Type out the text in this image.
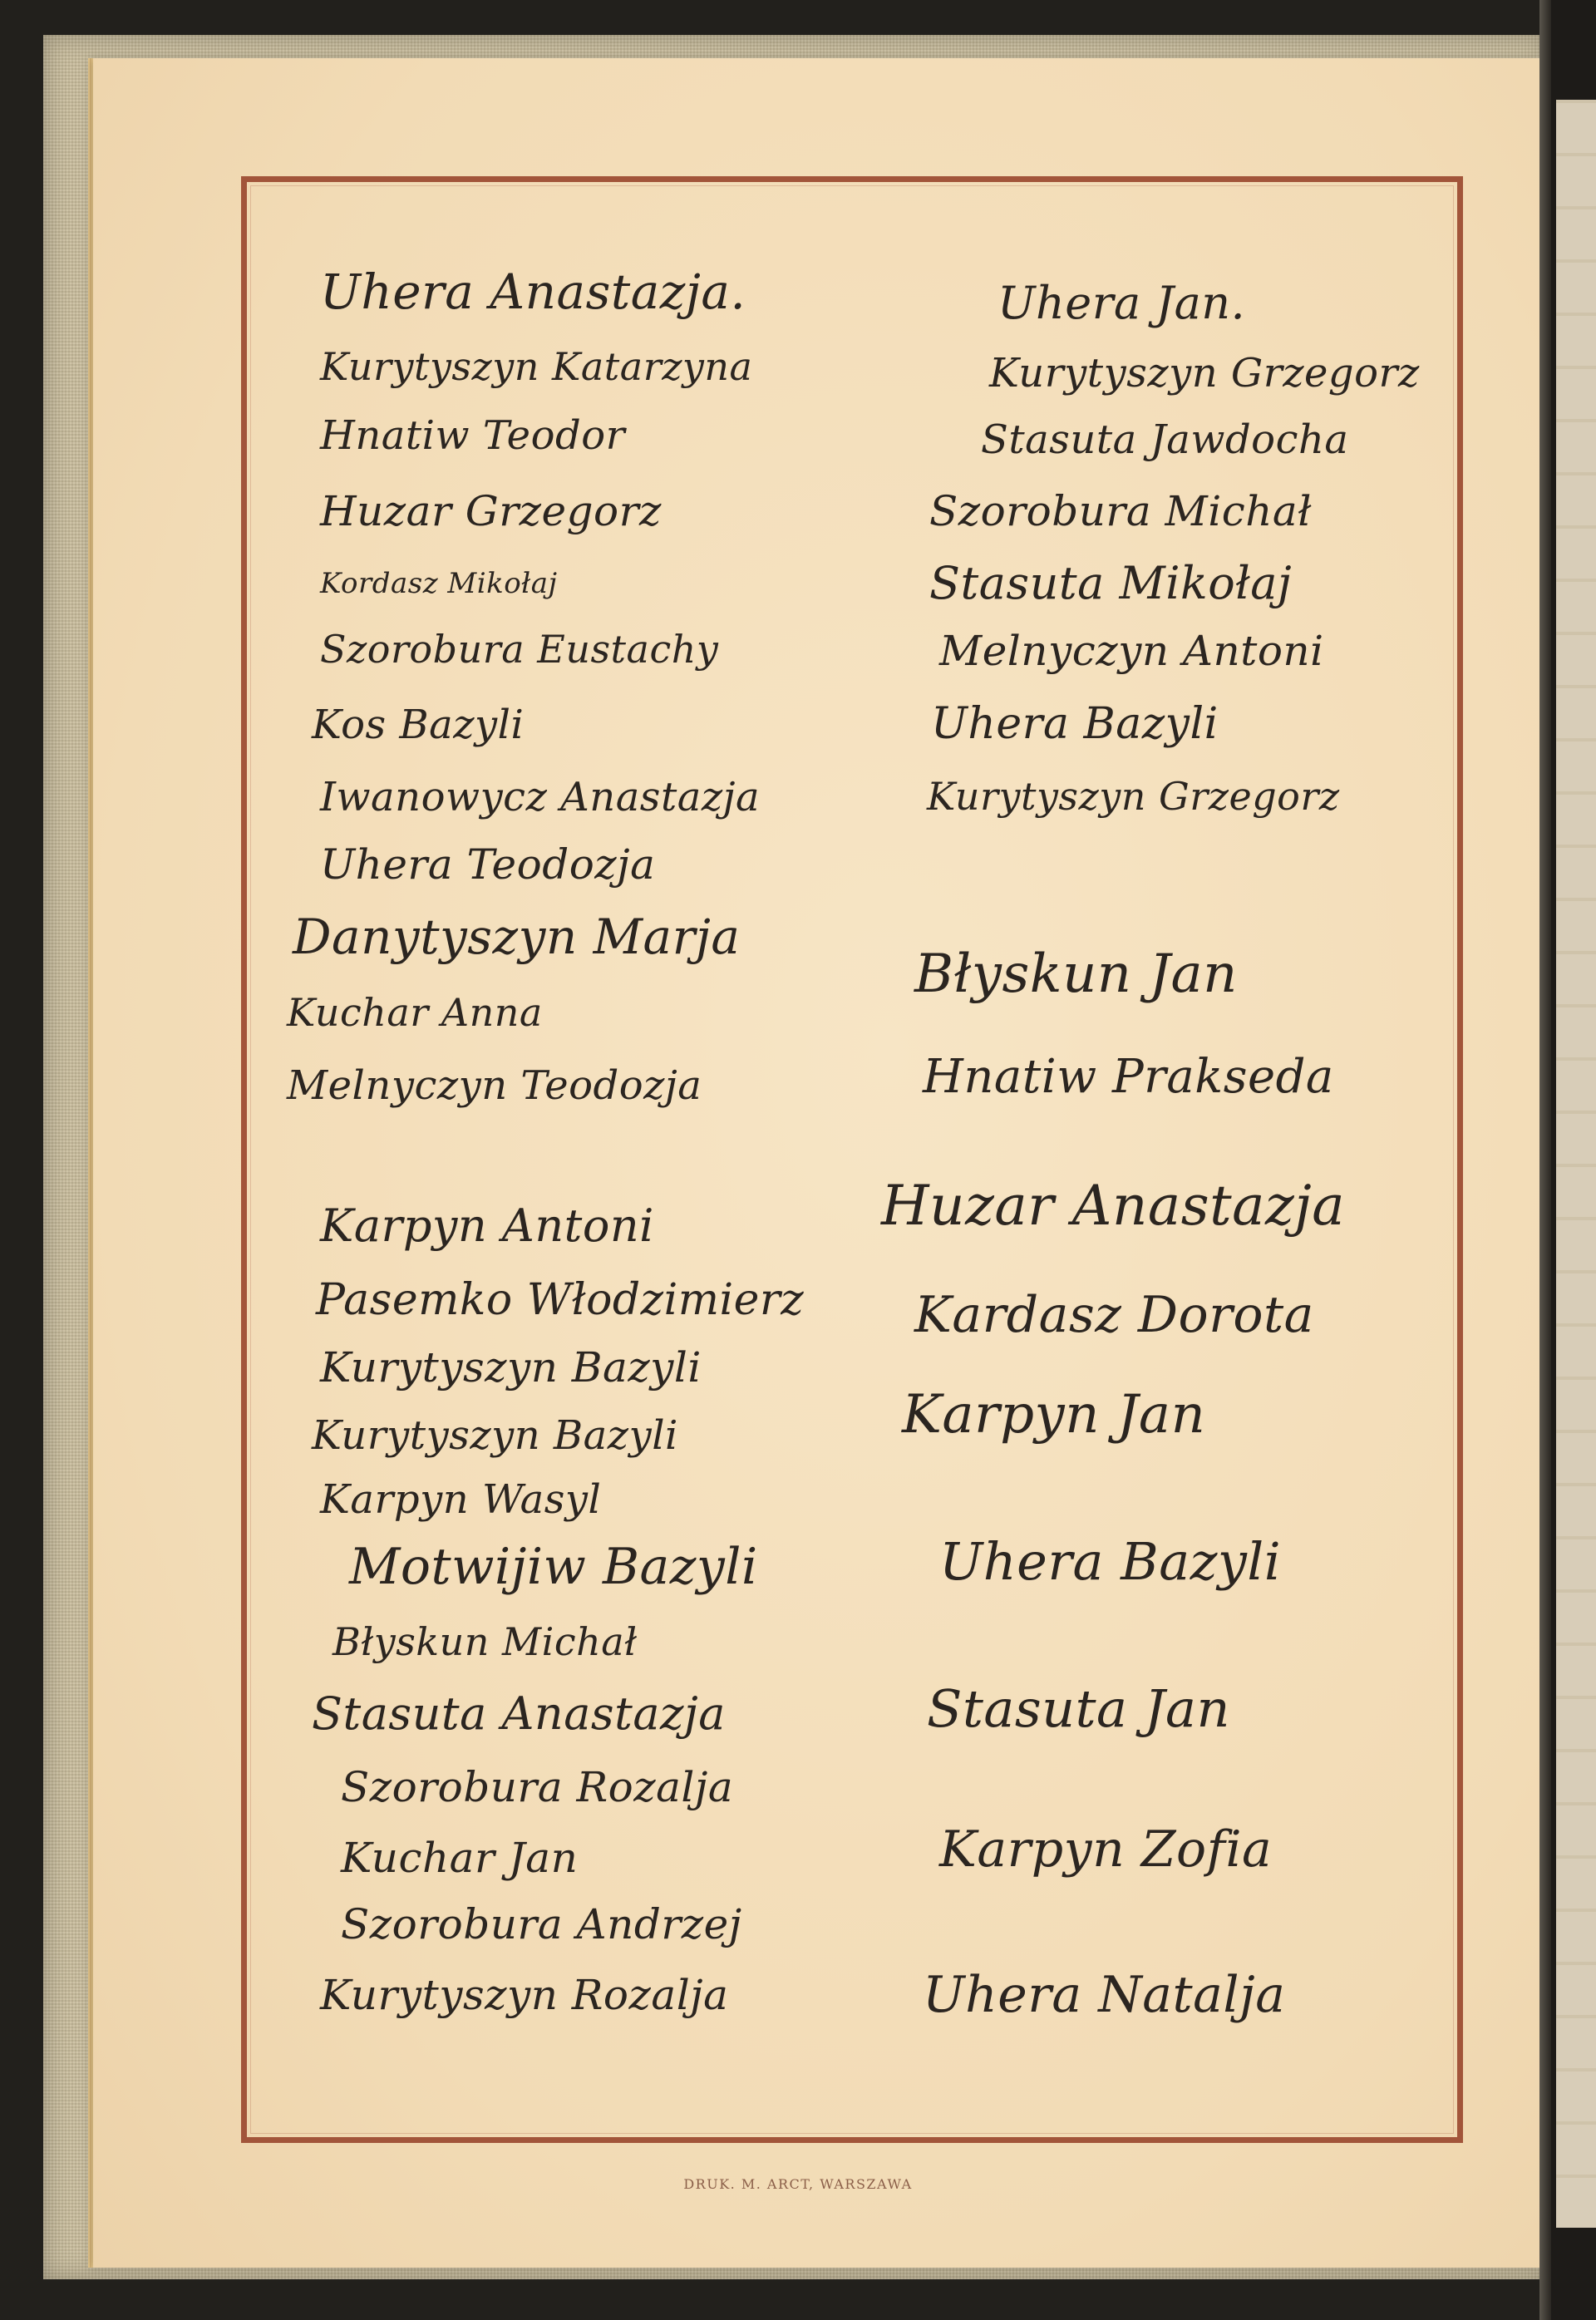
Uhera Anastazja.

Kurytyszyn Katarzyna

Hnatiw Teodor

Huzar Grzegorz

Kordasz Mikołaj

Szorobura Eustachy

Kos Bazyli

Iwanowycz Anastazja

Uhera Teodozja

Danytyszyn Marja

Kuchar Anna

Melnyczyn Teodozja

Karpyn Antoni

Pasemko Włodzimierz

Kurytyszyn Bazyli

Kurytyszyn Bazyli

Karpyn Wasyl

Motwijiw Bazyli

Błyskun Michał

Stasuta Anastazja

Szorobura Rozalja

Kuchar Jan

Szorobura Andrzej

Kurytyszyn Rozalja

Uhera Jan.

Kurytyszyn Grzegorz

Stasuta Jawdocha

Szorobura Michał

Stasuta Mikołaj

Melnyczyn Antoni

Uhera Bazyli

Kurytyszyn Grzegorz

Błyskun Jan

Hnatiw Prakseda

Huzar Anastazja

Kardasz Dorota

Karpyn Jan

Uhera Bazyli

Stasuta Jan

Karpyn Zofia

Uhera Natalja

DRUK. M. ARCT, WARSZAWA
